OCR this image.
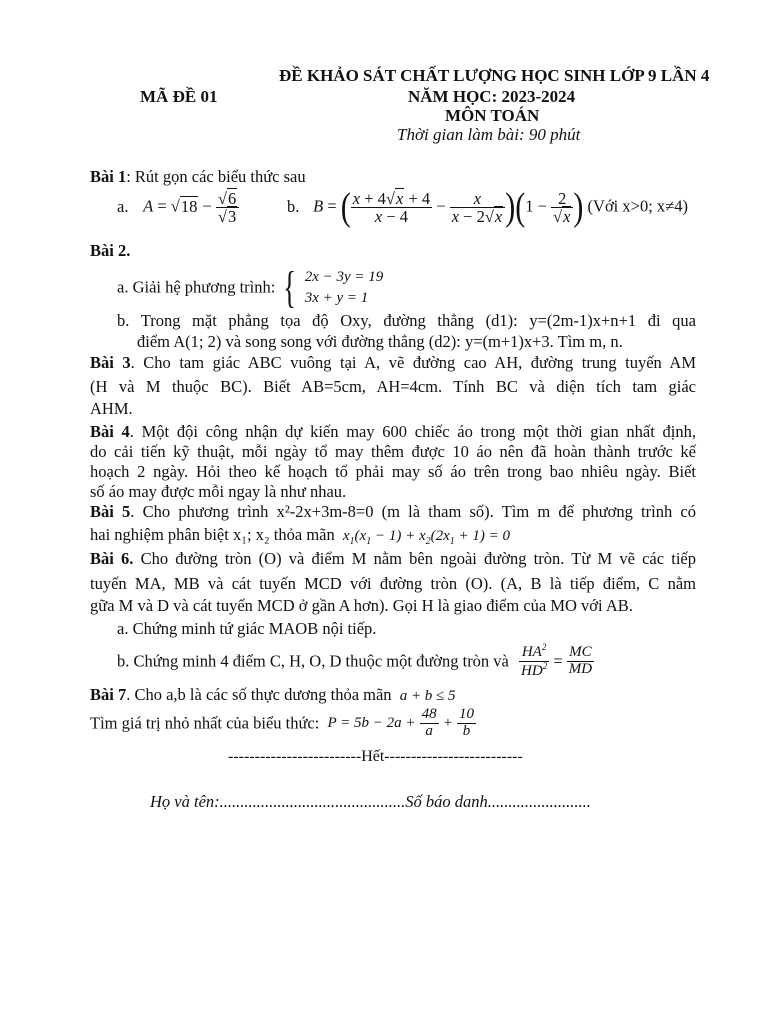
ĐỀ KHẢO SÁT CHẤT LƯỢNG HỌC SINH LỚP 9 LẦN 4
MÃ ĐỀ 01	NĂM HỌC: 2023-2024
MÔN TOÁN
Thời gian làm bài: 90 phút
Bài 1: Rút gọn các biểu thức sau
a. $A = √18 - \frac{√6}{√3}$	b. B = ( $\frac{x + 4√x + 4}{x - 4} - \frac{x}{x - 2√x} )(1 - \frac{2}{√x}$ ) (Với x>0; x≠4)
Bài 2.
a. Giải hệ phương trình: { 2x − 3y = 19
3x + y = 1
b. Trong mặt phẳng tọa độ Oxy, đường thẳng (d1): y=(2m-1)x+n+1 đi qua
điểm A(1; 2) và song song với đường thẳng (d2): y=(m+1)x+3. Tìm m, n.
Bài 3. Cho tam giác ABC vuông tại A, vẽ đường cao AH, đường trung tuyến AM
(H và M thuộc BC). Biết AB=5cm, AH=4cm. Tính BC và diện tích tam giác
AHM.
Bài 4. Một đội công nhận dự kiến may 600 chiếc áo trong một thời gian nhất định,
do cải tiến kỹ thuật, mỗi ngày tổ may thêm được 10 áo nên đã hoàn thành trước kế
hoạch 2 ngày. Hỏi theo kế hoạch tổ phải may số áo trên trong bao nhiêu ngày. Biết
số áo may được mỗi ngay là như nhau.
Bài 5. Cho phương trình x²-2x+3m-8=0 (m là tham số). Tìm m để phương trình có
hai nghiệm phân biệt x₁; x₂ thỏa mãn $x_1(x_1 - 1) + x_2(2x_1 + 1) = 0$
Bài 6. Cho đường tròn (O) và điểm M nằm bên ngoài đường tròn. Từ M vẽ các tiếp
tuyến MA, MB và cát tuyến MCD với đường tròn (O). (A, B là tiếp điểm, C nằm
gữa M và D và cát tuyến MCD ở gần A hơn). Gọi H là giao điểm của MO với AB.
a. Chứng minh tứ giác MAOB nội tiếp.
b. Chứng minh 4 điểm C, H, O, D thuộc một đường tròn và $\frac{HA^2}{HD^2} = \frac{MC}{MD}$
Bài 7. Cho a,b là các số thực dương thỏa mãn a + b ≤ 5
Tìm giá trị nhỏ nhất của biểu thức: $P = 5b - 2a + \frac{48}{a} + \frac{10}{b}$
-------------------------Hết--------------------------
Họ và tên:.............................................Số báo danh.........................
